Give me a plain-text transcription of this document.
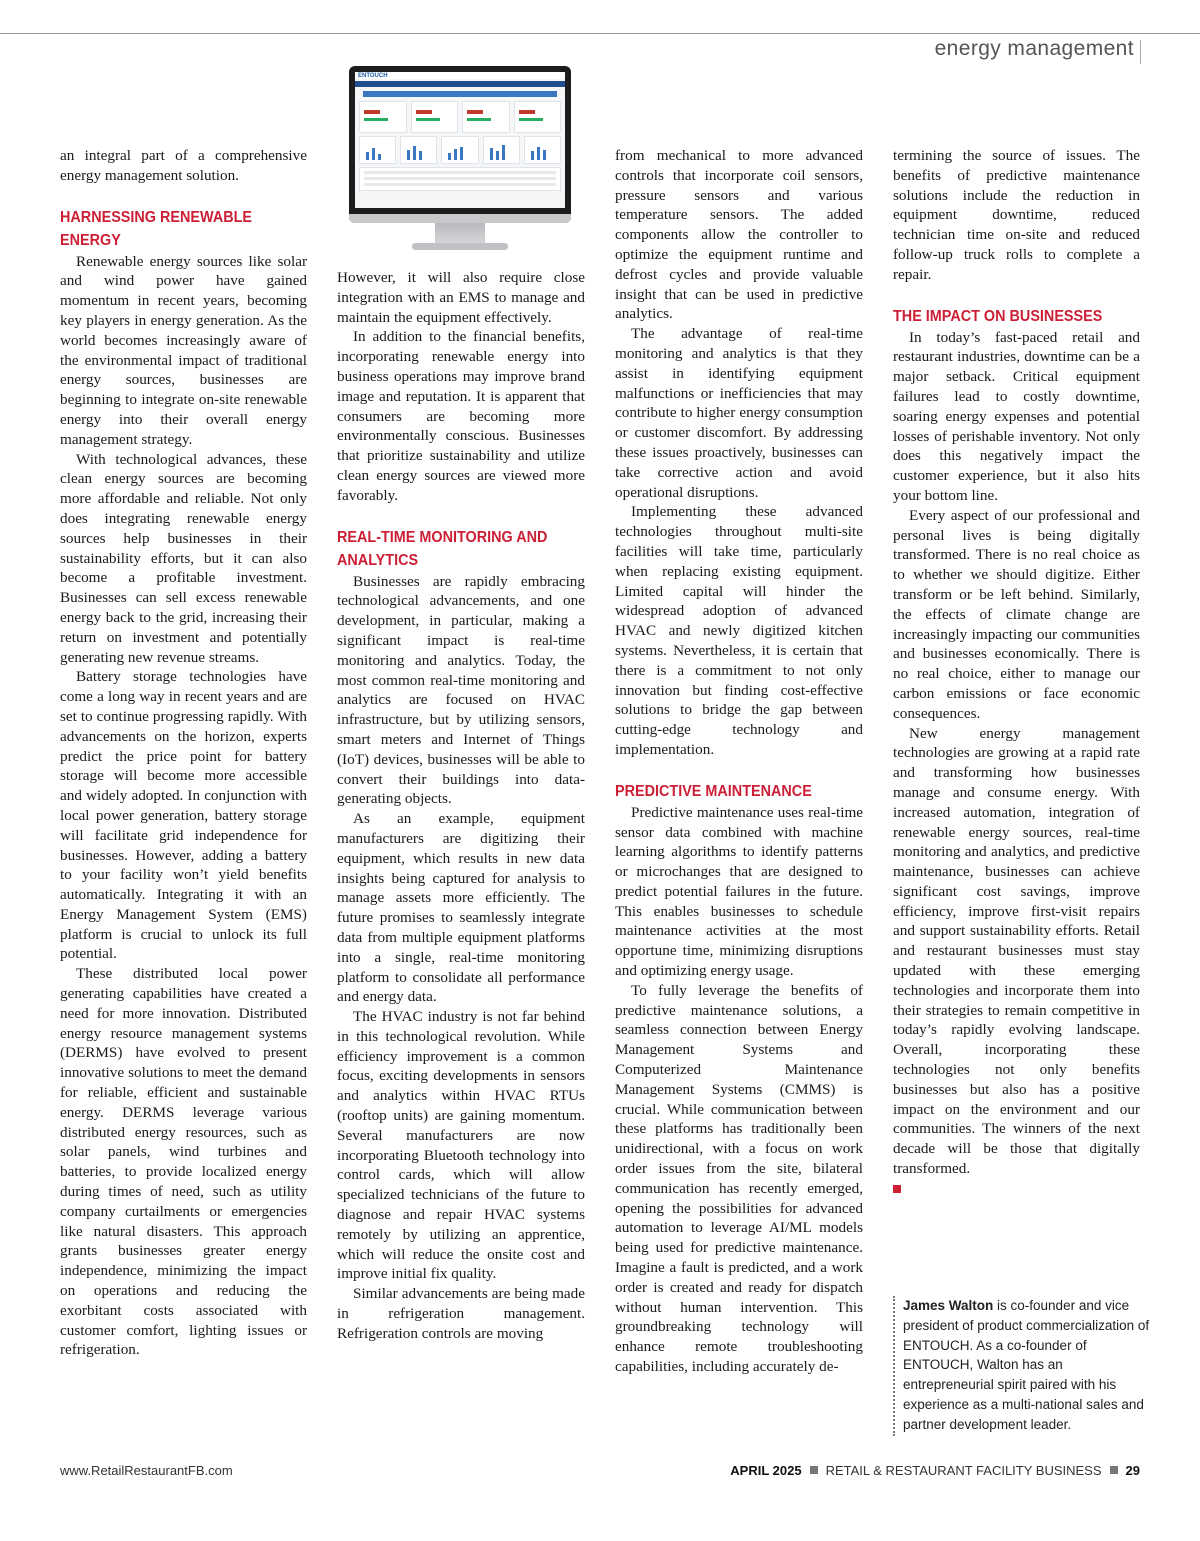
energy management
ENTOUCH

an integral part of a comprehensive energy management solution.

HARNESSING RENEWABLE
ENERGY

Renewable energy sources like solar and wind power have gained momentum in recent years, becoming key players in energy generation. As the world becomes increasingly aware of the environmental impact of traditional energy sources, businesses are beginning to integrate on-site renewable energy into their overall energy management strategy.

With technological advances, these clean energy sources are becoming more affordable and reliable. Not only does integrating renewable energy sources help businesses in their sustainability efforts, but it can also become a profitable investment. Businesses can sell excess renewable energy back to the grid, increasing their return on investment and potentially generating new revenue streams.

Battery storage technologies have come a long way in recent years and are set to continue progressing rapidly. With advancements on the horizon, experts predict the price point for battery storage will become more accessible and widely adopted. In conjunction with local power generation, battery storage will facilitate grid independence for businesses. However, adding a battery to your facility won’t yield benefits automatically. Integrating it with an Energy Management System (EMS) platform is crucial to unlock its full potential.

These distributed local power generating capabilities have created a need for more innovation. Distributed energy resource management systems (DERMS) have evolved to present innovative solutions to meet the demand for reliable, efficient and sustainable energy. DERMS leverage various distributed energy resources, such as solar panels, wind turbines and batteries, to provide localized energy during times of need, such as utility company curtailments or emergencies like natural disasters. This approach grants businesses greater energy independence, minimizing the impact on operations and reducing the exorbitant costs associated with customer comfort, lighting issues or refrigeration.

However, it will also require close integration with an EMS to manage and maintain the equipment effectively.

In addition to the financial benefits, incorporating renewable energy into business operations may improve brand image and reputation. It is apparent that consumers are becoming more environmentally conscious. Businesses that prioritize sustainability and utilize clean energy sources are viewed more favorably.

REAL-TIME MONITORING AND
ANALYTICS

Businesses are rapidly embracing technological advancements, and one development, in particular, making a significant impact is real-time monitoring and analytics. Today, the most common real-time monitoring and analytics are focused on HVAC infrastructure, but by utilizing sensors, smart meters and Internet of Things (IoT) devices, businesses will be able to convert their buildings into data-generating objects.

As an example, equipment manufacturers are digitizing their equipment, which results in new data insights being captured for analysis to manage assets more efficiently. The future promises to seamlessly integrate data from multiple equipment platforms into a single, real-time monitoring platform to consolidate all performance and energy data.

The HVAC industry is not far behind in this technological revolution. While efficiency improvement is a common focus, exciting developments in sensors and analytics within HVAC RTUs (rooftop units) are gaining momentum. Several manufacturers are now incorporating Bluetooth technology into control cards, which will allow specialized technicians of the future to diagnose and repair HVAC systems remotely by utilizing an apprentice, which will reduce the onsite cost and improve initial fix quality.

Similar advancements are being made in refrigeration management. Refrigeration controls are moving

from mechanical to more advanced controls that incorporate coil sensors, pressure sensors and various temperature sensors. The added components allow the controller to optimize the equipment runtime and defrost cycles and provide valuable insight that can be used in predictive analytics.

The advantage of real-time monitoring and analytics is that they assist in identifying equipment malfunctions or inefficiencies that may contribute to higher energy consumption or customer discomfort. By addressing these issues proactively, businesses can take corrective action and avoid operational disruptions.

Implementing these advanced technologies throughout multi-site facilities will take time, particularly when replacing existing equipment. Limited capital will hinder the widespread adoption of advanced HVAC and newly digitized kitchen systems. Nevertheless, it is certain that there is a commitment to not only innovation but finding cost-effective solutions to bridge the gap between cutting-edge technology and implementation.

PREDICTIVE MAINTENANCE

Predictive maintenance uses real-time sensor data combined with machine learning algorithms to identify patterns or microchanges that are designed to predict potential failures in the future. This enables businesses to schedule maintenance activities at the most opportune time, minimizing disruptions and optimizing energy usage.

To fully leverage the benefits of predictive maintenance solutions, a seamless connection between Energy Management Systems and Computerized Maintenance Management Systems (CMMS) is crucial. While communication between these platforms has traditionally been unidirectional, with a focus on work order issues from the site, bilateral communication has recently emerged, opening the possibilities for advanced automation to leverage AI/ML models being used for predictive maintenance. Imagine a fault is predicted, and a work order is created and ready for dispatch without human intervention. This groundbreaking technology will enhance remote troubleshooting capabilities, including accurately de-

termining the source of issues. The benefits of predictive maintenance solutions include the reduction in equipment downtime, reduced technician time on-site and reduced follow-up truck rolls to complete a repair.

THE IMPACT ON BUSINESSES

In today’s fast-paced retail and restaurant industries, downtime can be a major setback. Critical equipment failures lead to costly downtime, soaring energy expenses and potential losses of perishable inventory. Not only does this negatively impact the customer experience, but it also hits your bottom line.

Every aspect of our professional and personal lives is being digitally transformed. There is no real choice as to whether we should digitize. Either transform or be left behind. Similarly, the effects of climate change are increasingly impacting our communities and businesses economically. There is no real choice, either to manage our carbon emissions or face economic consequences.

New energy management technologies are growing at a rapid rate and transforming how businesses manage and consume energy. With increased automation, integration of renewable energy sources, real-time monitoring and analytics, and predictive maintenance, businesses can achieve significant cost savings, improve efficiency, improve first-visit repairs and support sustainability efforts. Retail and restaurant businesses must stay updated with these emerging technologies and incorporate them into their strategies to remain competitive in today’s rapidly evolving landscape. Overall, incorporating these technologies not only benefits businesses but also has a positive impact on the environment and our communities. The winners of the next decade will be those that digitally transformed.

James Walton is co-founder and vice president of product commercialization of ENTOUCH. As a co-founder of ENTOUCH, Walton has an entrepreneurial spirit paired with his experience as a multi-national sales and partner development leader.
www.RetailRestaurantFB.com	APRIL 2025 RETAIL & RESTAURANT FACILITY BUSINESS 29
